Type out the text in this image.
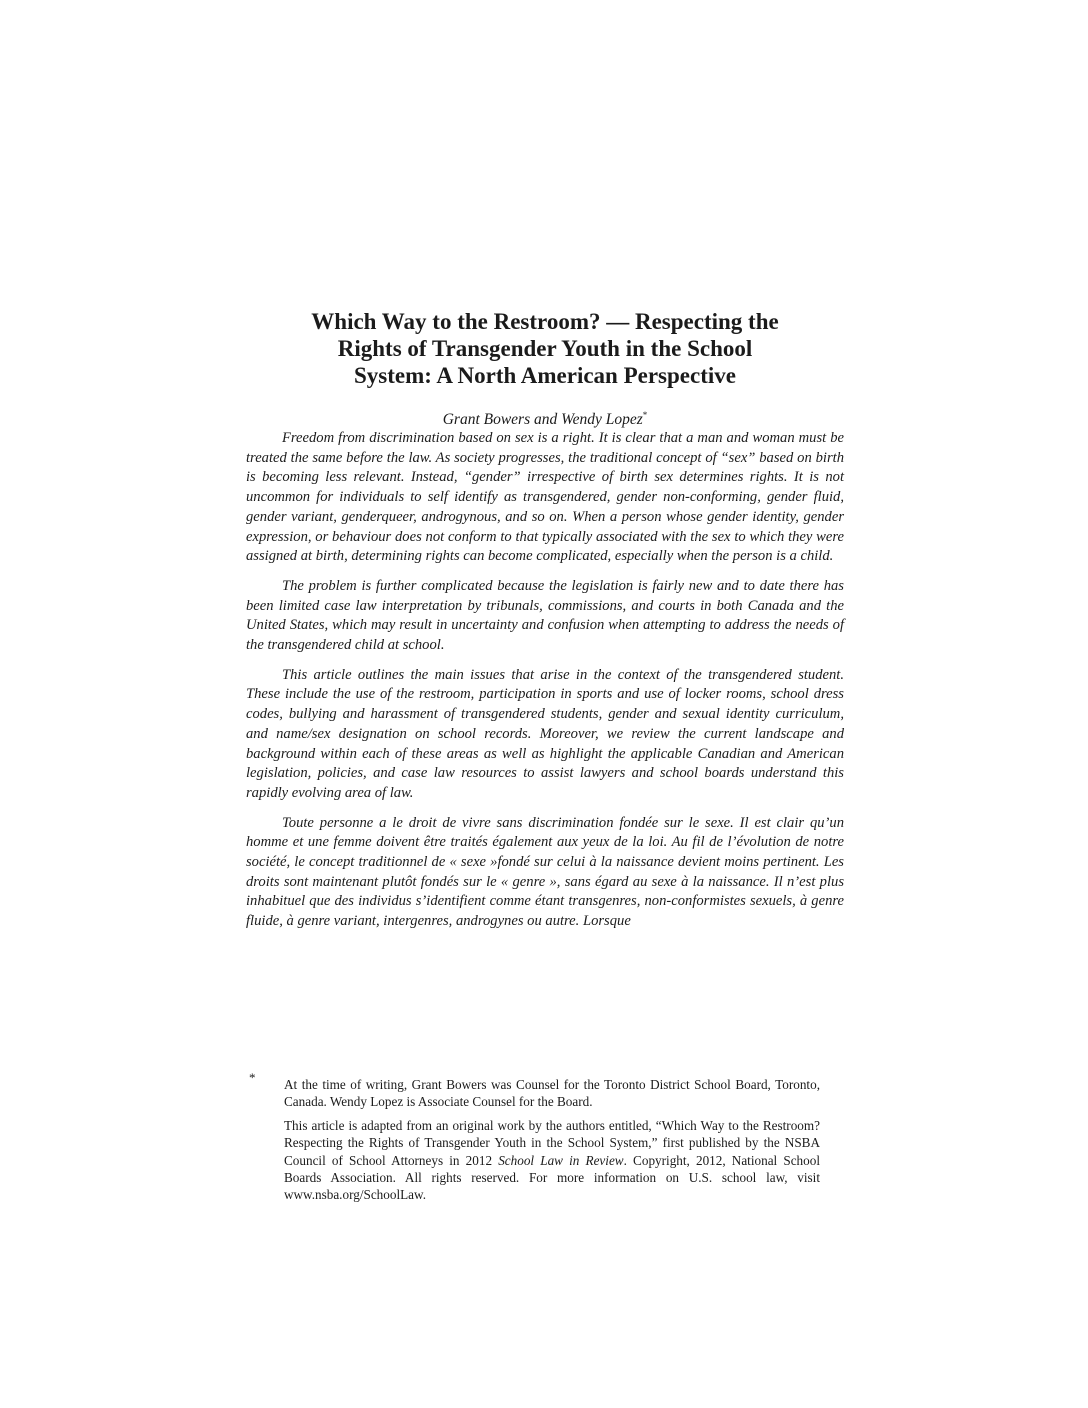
Which Way to the Restroom? — Respecting the
Rights of Transgender Youth in the School
System: A North American Perspective

Grant Bowers and Wendy Lopez*

Freedom from discrimination based on sex is a right. It is clear that a man and woman must be treated the same before the law. As society progresses, the traditional concept of “sex” based on birth is becoming less relevant. Instead, “gender” irrespective of birth sex determines rights. It is not uncommon for individuals to self identify as transgendered, gender non-conforming, gender fluid, gender variant, genderqueer, androgynous, and so on. When a person whose gender identity, gender expression, or behaviour does not conform to that typically associated with the sex to which they were assigned at birth, determining rights can become complicated, especially when the person is a child.

The problem is further complicated because the legislation is fairly new and to date there has been limited case law interpretation by tribunals, commissions, and courts in both Canada and the United States, which may result in uncertainty and confusion when attempting to address the needs of the transgendered child at school.

This article outlines the main issues that arise in the context of the transgendered student. These include the use of the restroom, participation in sports and use of locker rooms, school dress codes, bullying and harassment of transgendered students, gender and sexual identity curriculum, and name/sex designation on school records. Moreover, we review the current landscape and background within each of these areas as well as highlight the applicable Canadian and American legislation, policies, and case law resources to assist lawyers and school boards understand this rapidly evolving area of law.

Toute personne a le droit de vivre sans discrimination fondée sur le sexe. Il est clair qu’un homme et une femme doivent être traités également aux yeux de la loi. Au fil de l’évolution de notre société, le concept traditionnel de « sexe »fondé sur celui à la naissance devient moins pertinent. Les droits sont maintenant plutôt fondés sur le « genre », sans égard au sexe à la naissance. Il n’est plus inhabituel que des individus s’identifient comme étant transgenres, non-conformistes sexuels, à genre fluide, à genre variant, intergenres, androgynes ou autre. Lorsque

* At the time of writing, Grant Bowers was Counsel for the Toronto District School Board, Toronto, Canada. Wendy Lopez is Associate Counsel for the Board.

This article is adapted from an original work by the authors entitled, “Which Way to the Restroom? Respecting the Rights of Transgender Youth in the School System,” first published by the NSBA Council of School Attorneys in 2012 School Law in Review. Copyright, 2012, National School Boards Association. All rights reserved. For more information on U.S. school law, visit www.nsba.org/SchoolLaw.
